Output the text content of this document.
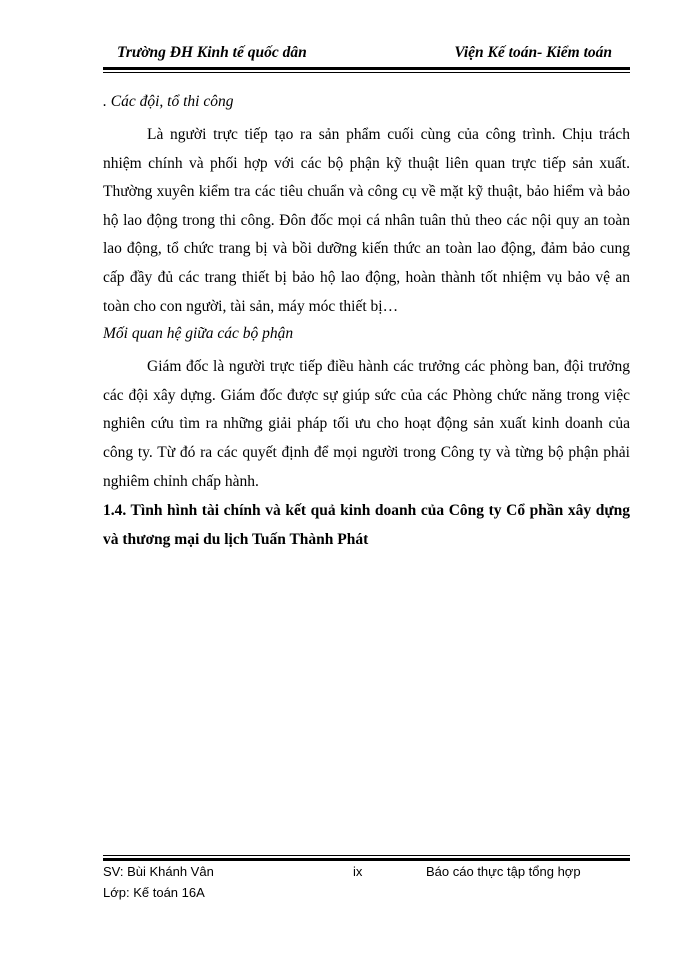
Trường ĐH Kinh tế quốc dân	Viện Kế toán- Kiểm toán

. Các đội, tổ thi công

Là người trực tiếp tạo ra sản phẩm cuối cùng của công trình. Chịu trách nhiệm chính và phối hợp với các bộ phận kỹ thuật liên quan trực tiếp sản xuất. Thường xuyên kiểm tra các tiêu chuẩn và công cụ về mặt kỹ thuật, bảo hiểm và bảo hộ lao động trong thi công. Đôn đốc mọi cá nhân tuân thủ theo các nội quy an toàn lao động, tổ chức trang bị và bồi dưỡng kiến thức an toàn lao động, đảm bảo cung cấp đầy đủ các trang thiết bị bảo hộ lao động, hoàn thành tốt nhiệm vụ bảo vệ an toàn cho con người, tài sản, máy móc thiết bị…

Mối quan hệ giữa các bộ phận

Giám đốc là người trực tiếp điều hành các trưởng các phòng ban, đội trưởng các đội xây dựng. Giám đốc được sự giúp sức của các Phòng chức năng trong việc nghiên cứu tìm ra những giải pháp tối ưu cho hoạt động sản xuất kinh doanh của công ty. Từ đó ra các quyết định để mọi người trong Công ty và từng bộ phận phải nghiêm chỉnh chấp hành.

1.4. Tình hình tài chính và kết quả kinh doanh của Công ty Cổ phần xây dựng và thương mại du lịch Tuấn Thành Phát

SV: Bùi Khánh Vân	ix	Báo cáo thực tập tổng hợp
Lớp: Kế toán 16A
